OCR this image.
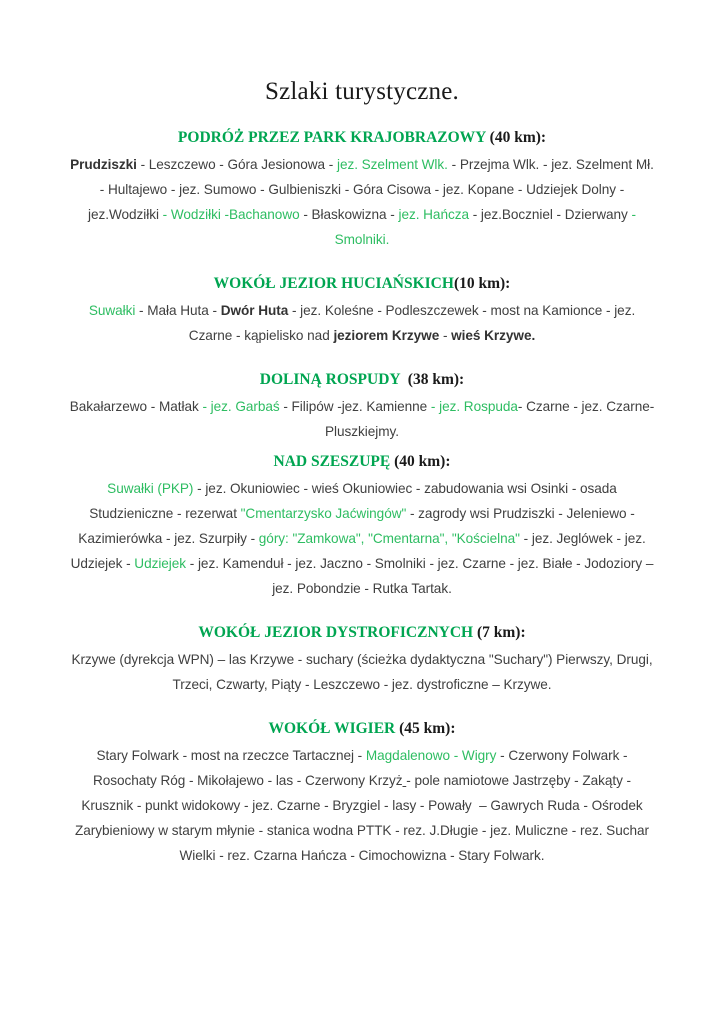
Szlaki turystyczne.
PODRÓŻ PRZEZ PARK KRAJOBRAZOWY (40 km):

Prudziszki - Leszczewo - Góra Jesionowa - jez. Szelment Wlk. - Przejma Wlk. - jez. Szelment Mł. - Hultajewo - jez. Sumowo - Gulbieniszki - Góra Cisowa - jez. Kopane - Udziejek Dolny - jez.Wodziłki - Wodziłki -Bachanowo - Błaskowizna - jez. Hańcza - jez.Boczniel - Dzierwany - Smolniki.

WOKÓŁ JEZIOR HUCIAŃSKICH(10 km):

Suwałki - Mała Huta - Dwór Huta - jez. Koleśne - Podleszczewek - most na Kamionce - jez. Czarne - kąpielisko nad jeziorem Krzywe - wieś Krzywe.

DOLINĄ ROSPUDY  (38 km):

Bakałarzewo - Matłak - jez. Garbaś - Filipów -jez. Kamienne - jez. Rospuda- Czarne - jez. Czarne- Pluszkiejmy.

NAD SZESZUPĘ (40 km):

Suwałki (PKP) - jez. Okuniowiec - wieś Okuniowiec - zabudowania wsi Osinki - osada Studzieniczne - rezerwat "Cmentarzysko Jaćwingów" - zagrody wsi Prudziszki - Jeleniewo - Kazimierówka - jez. Szurpiły - góry: "Zamkowa", "Cmentarna", "Kościelna" - jez. Jeglówek - jez. Udziejek - Udziejek - jez. Kamenduł - jez. Jaczno - Smolniki - jez. Czarne - jez. Białe - Jodoziory – jez. Pobondzie - Rutka Tartak.

WOKÓŁ JEZIOR DYSTROFICZNYCH (7 km):

Krzywe (dyrekcja WPN) – las Krzywe - suchary (ścieżka dydaktyczna "Suchary") Pierwszy, Drugi, Trzeci, Czwarty, Piąty - Leszczewo - jez. dystroficzne – Krzywe.

WOKÓŁ WIGIER (45 km):

Stary Folwark - most na rzeczce Tartacznej - Magdalenowo - Wigry - Czerwony Folwark - Rosochaty Róg - Mikołajewo - las - Czerwony Krzyż - pole namiotowe Jastrzęby - Zakąty - Krusznik - punkt widokowy - jez. Czarne - Bryzgiel - lasy - Powały  – Gawrych Ruda - Ośrodek Zarybieniowy w starym młynie - stanica wodna PTTK - rez. J.Długie - jez. Muliczne - rez. Suchar Wielki - rez. Czarna Hańcza - Cimochowizna - Stary Folwark.
